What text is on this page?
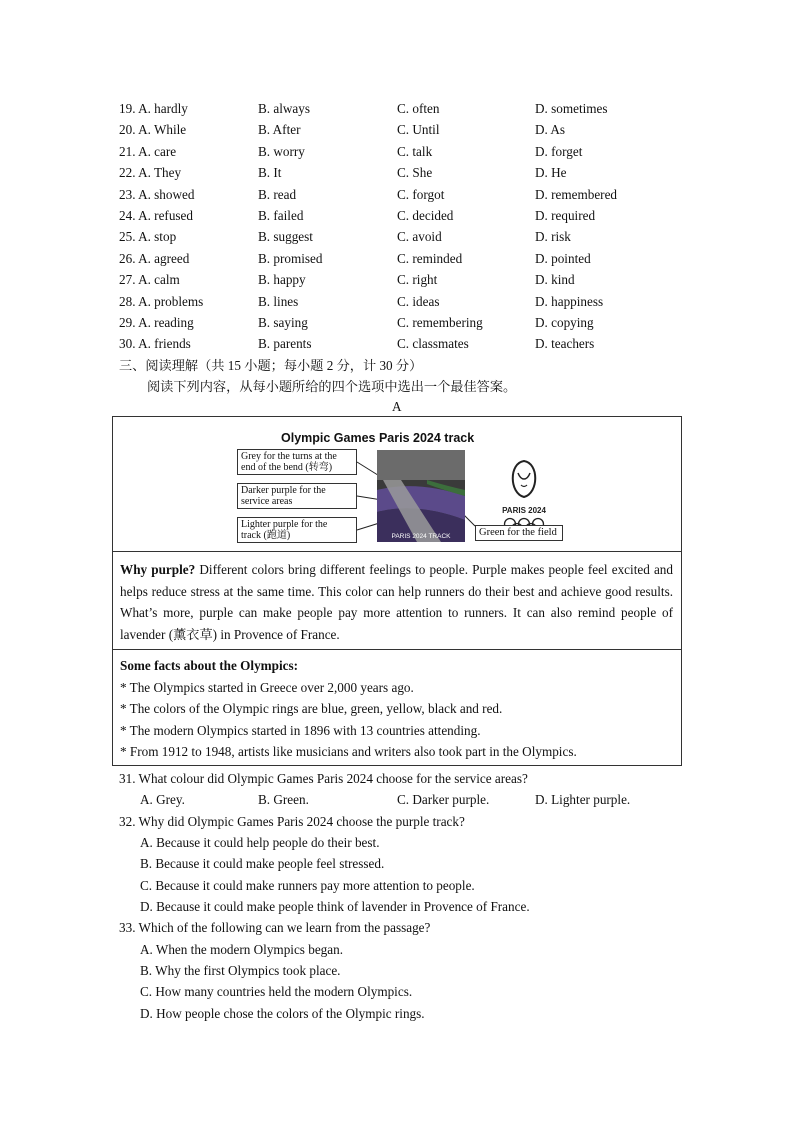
19. A. hardly	B. always	C. often	D. sometimes
20. A. While	B. After	C. Until	D. As
21. A. care	B. worry	C. talk	D. forget
22. A. They	B. It	C. She	D. He
23. A. showed	B. read	C. forgot	D. remembered
24. A. refused	B. failed	C. decided	D. required
25. A. stop	B. suggest	C. avoid	D. risk
26. A. agreed	B. promised	C. reminded	D. pointed
27. A. calm	B. happy	C. right	D. kind
28. A. problems	B. lines	C. ideas	D. happiness
29. A. reading	B. saying	C. remembering	D. copying
30. A. friends	B. parents	C. classmates	D. teachers
三、阅读理解（共 15 小题；每小题 2 分，计 30 分）
阅读下列内容，从每小题所给的四个选项中选出一个最佳答案。
A
Olympic Games Paris 2024 track
Grey for the turns at the
end of the bend (转弯)
Darker purple for the
service areas
Lighter purple for the
track (跑道)	PARIS 2024 TRACK
PARIS 2024
Green for the field
Why purple? Different colors bring different feelings to people. Purple makes people feel excited and helps reduce stress at the same time. This color can help runners do their best and achieve good results. What’s more, purple can make people pay more attention to runners. It can also remind people of lavender (薰衣草) in Provence of France.
Some facts about the Olympics:
* The Olympics started in Greece over 2,000 years ago.
* The colors of the Olympic rings are blue, green, yellow, black and red.
* The modern Olympics started in 1896 with 13 countries attending.
* From 1912 to 1948, artists like musicians and writers also took part in the Olympics.
31. What colour did Olympic Games Paris 2024 choose for the service areas?
A. Grey.	B. Green.	C. Darker purple.	D. Lighter purple.
32. Why did Olympic Games Paris 2024 choose the purple track?
A. Because it could help people do their best.
B. Because it could make people feel stressed.
C. Because it could make runners pay more attention to people.
D. Because it could make people think of lavender in Provence of France.
33. Which of the following can we learn from the passage?
A. When the modern Olympics began.
B. Why the first Olympics took place.
C. How many countries held the modern Olympics.
D. How people chose the colors of the Olympic rings.
